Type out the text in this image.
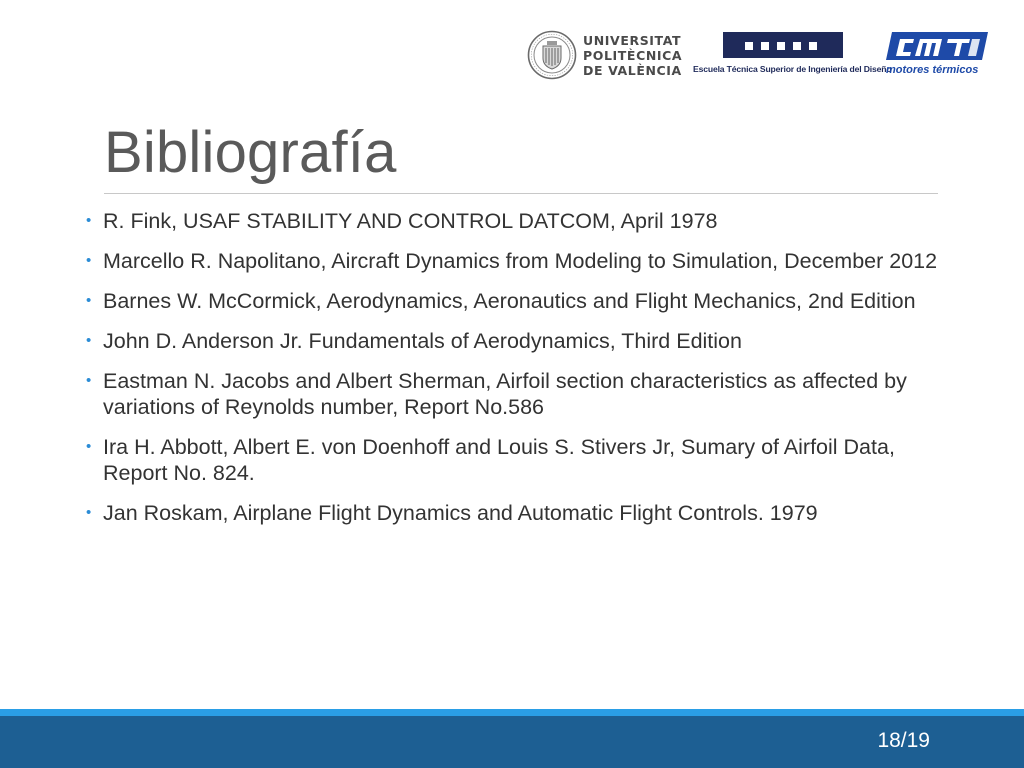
UNIVERSITAT
POLITÈCNICA
DE VALÈNCIA Escuela Técnica Superior de Ingeniería del Diseño
motores térmicos
Bibliografía
• R. Fink, USAF STABILITY AND CONTROL DATCOM, April 1978
• Marcello R. Napolitano, Aircraft Dynamics from Modeling to Simulation, December 2012
• Barnes W. McCormick, Aerodynamics, Aeronautics and Flight Mechanics, 2nd Edition
• John D. Anderson Jr. Fundamentals of Aerodynamics, Third Edition
• Eastman N. Jacobs and Albert Sherman, Airfoil section characteristics as affected by variations of Reynolds number, Report No.586
• Ira H. Abbott, Albert E. von Doenhoff and Louis S. Stivers Jr, Sumary of Airfoil Data, Report No. 824.
• Jan Roskam, Airplane Flight Dynamics and Automatic Flight Controls. 1979
18/19
